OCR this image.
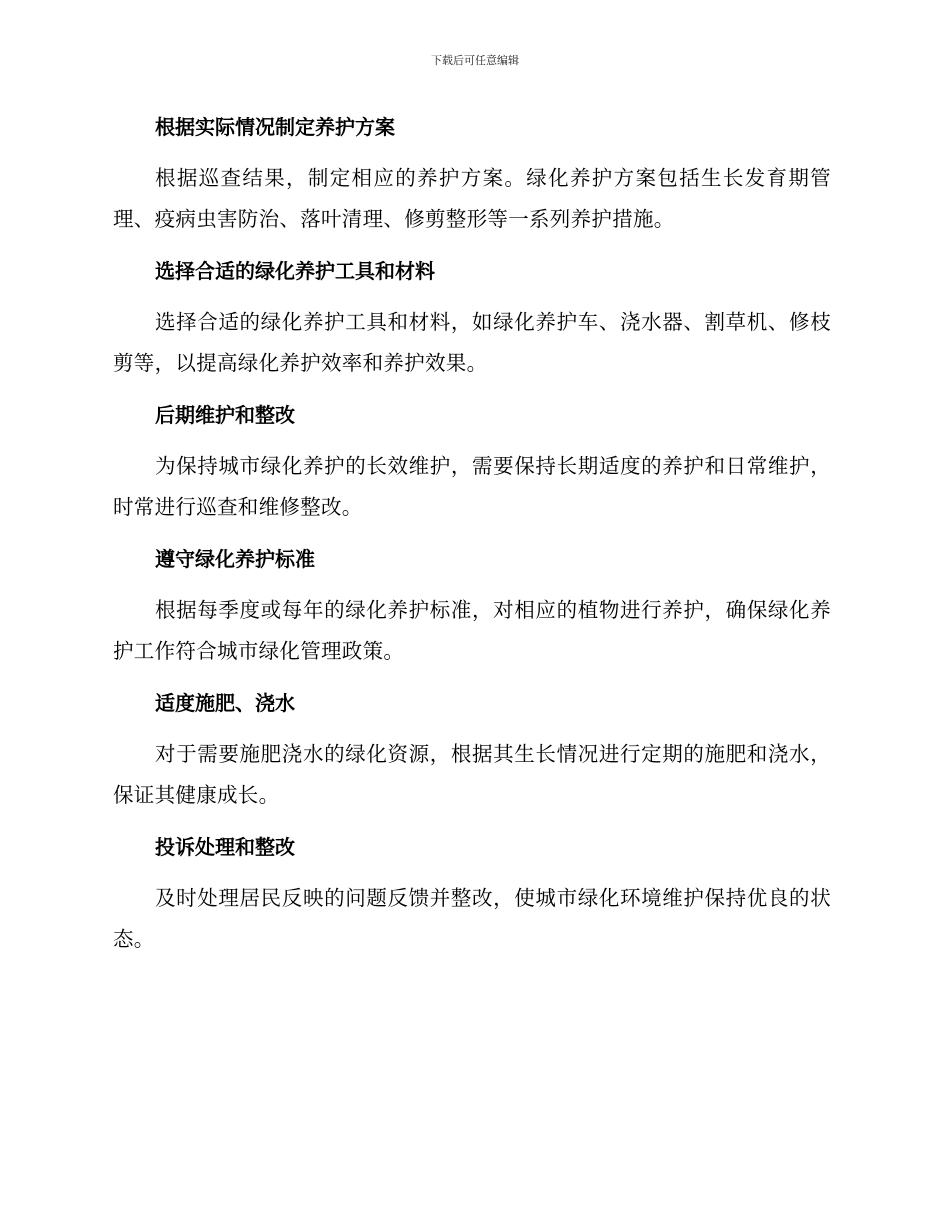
下载后可任意编辑
根据实际情况制定养护方案

根据巡查结果，制定相应的养护方案。绿化养护方案包括生长发育期管理、疫病虫害防治、落叶清理、修剪整形等一系列养护措施。

选择合适的绿化养护工具和材料

选择合适的绿化养护工具和材料，如绿化养护车、浇水器、割草机、修枝剪等，以提高绿化养护效率和养护效果。

后期维护和整改

为保持城市绿化养护的长效维护，需要保持长期适度的养护和日常维护，时常进行巡查和维修整改。

遵守绿化养护标准

根据每季度或每年的绿化养护标准，对相应的植物进行养护，确保绿化养护工作符合城市绿化管理政策。

适度施肥、浇水

对于需要施肥浇水的绿化资源，根据其生长情况进行定期的施肥和浇水，保证其健康成长。

投诉处理和整改

及时处理居民反映的问题反馈并整改，使城市绿化环境维护保持优良的状态。
